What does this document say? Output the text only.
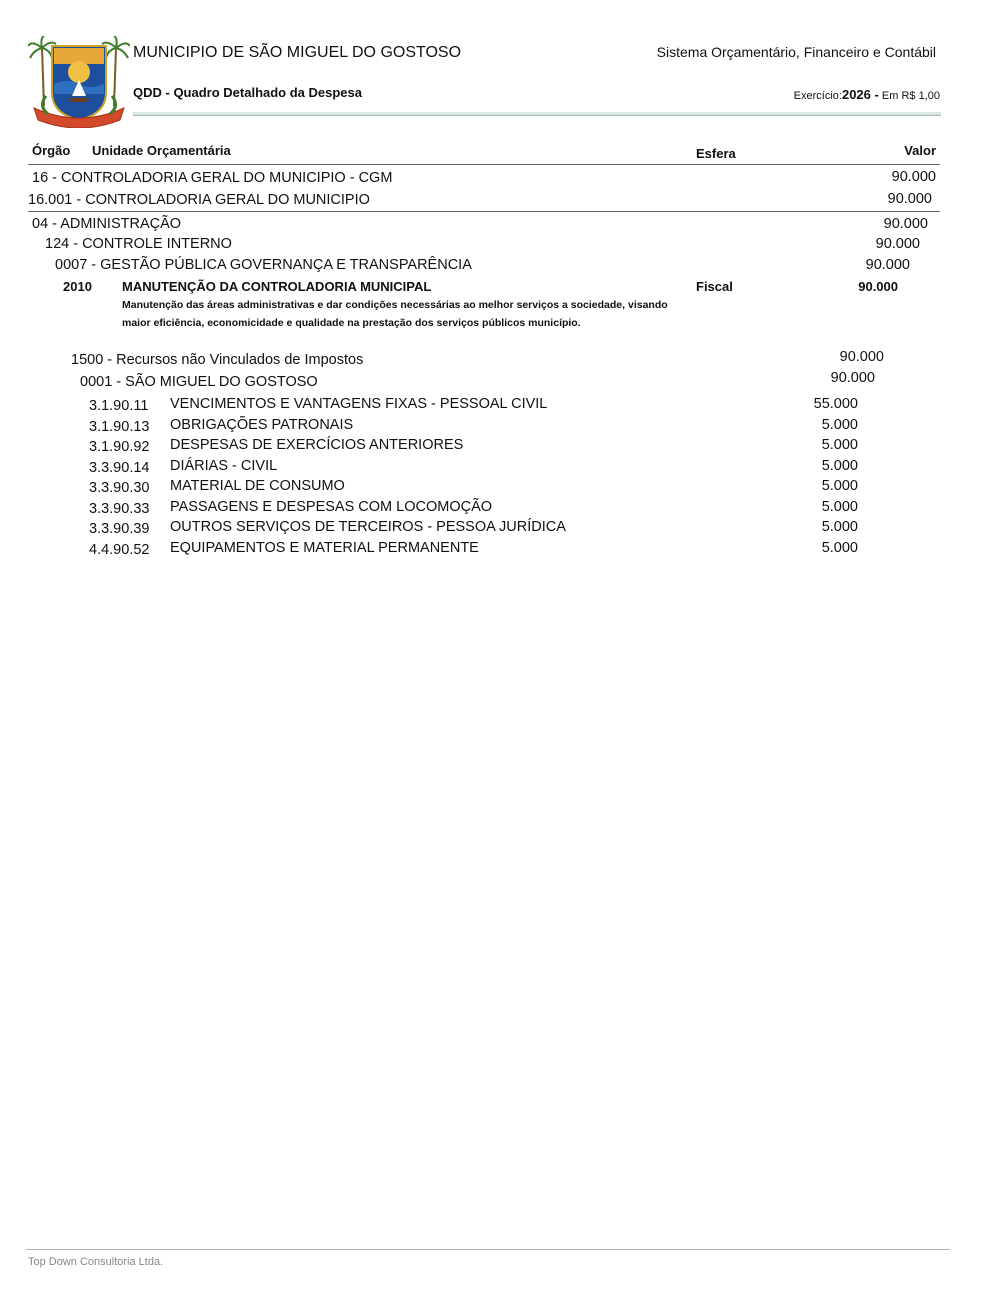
MUNICIPIO DE SÃO MIGUEL DO GOSTOSO	Sistema Orçamentário, Financeiro e Contábil
QDD - Quadro Detalhado da Despesa	Exercício:2026 - Em R$ 1,00
Órgão Unidade Orçamentária	Esfera	Valor
16 - CONTROLADORIA GERAL DO MUNICIPIO - CGM	90.000
16.001 - CONTROLADORIA GERAL DO MUNICIPIO	90.000
04 - ADMINISTRAÇÃO	90.000
124 - CONTROLE INTERNO	90.000
0007 - GESTÃO PÚBLICA GOVERNANÇA E TRANSPARÊNCIA	90.000
2010 MANUTENÇÃO DA CONTROLADORIA MUNICIPAL	Fiscal	90.000
Manutenção das áreas administrativas e dar condições necessárias ao melhor serviços a sociedade, visando maior eficiência, economicidade e qualidade na prestação dos serviços públicos município.
1500 - Recursos não Vinculados de Impostos	90.000
0001 - SÃO MIGUEL DO GOSTOSO	90.000
3.1.90.11 VENCIMENTOS E VANTAGENS FIXAS - PESSOAL CIVIL	55.000
3.1.90.13 OBRIGAÇÕES PATRONAIS	5.000
3.1.90.92 DESPESAS DE EXERCÍCIOS ANTERIORES	5.000
3.3.90.14 DIÁRIAS - CIVIL	5.000
3.3.90.30 MATERIAL DE CONSUMO	5.000
3.3.90.33 PASSAGENS E DESPESAS COM LOCOMOÇÃO	5.000
3.3.90.39 OUTROS SERVIÇOS DE TERCEIROS - PESSOA JURÍDICA	5.000
4.4.90.52 EQUIPAMENTOS E MATERIAL PERMANENTE	5.000
Top Down Consultoria Ltda.
